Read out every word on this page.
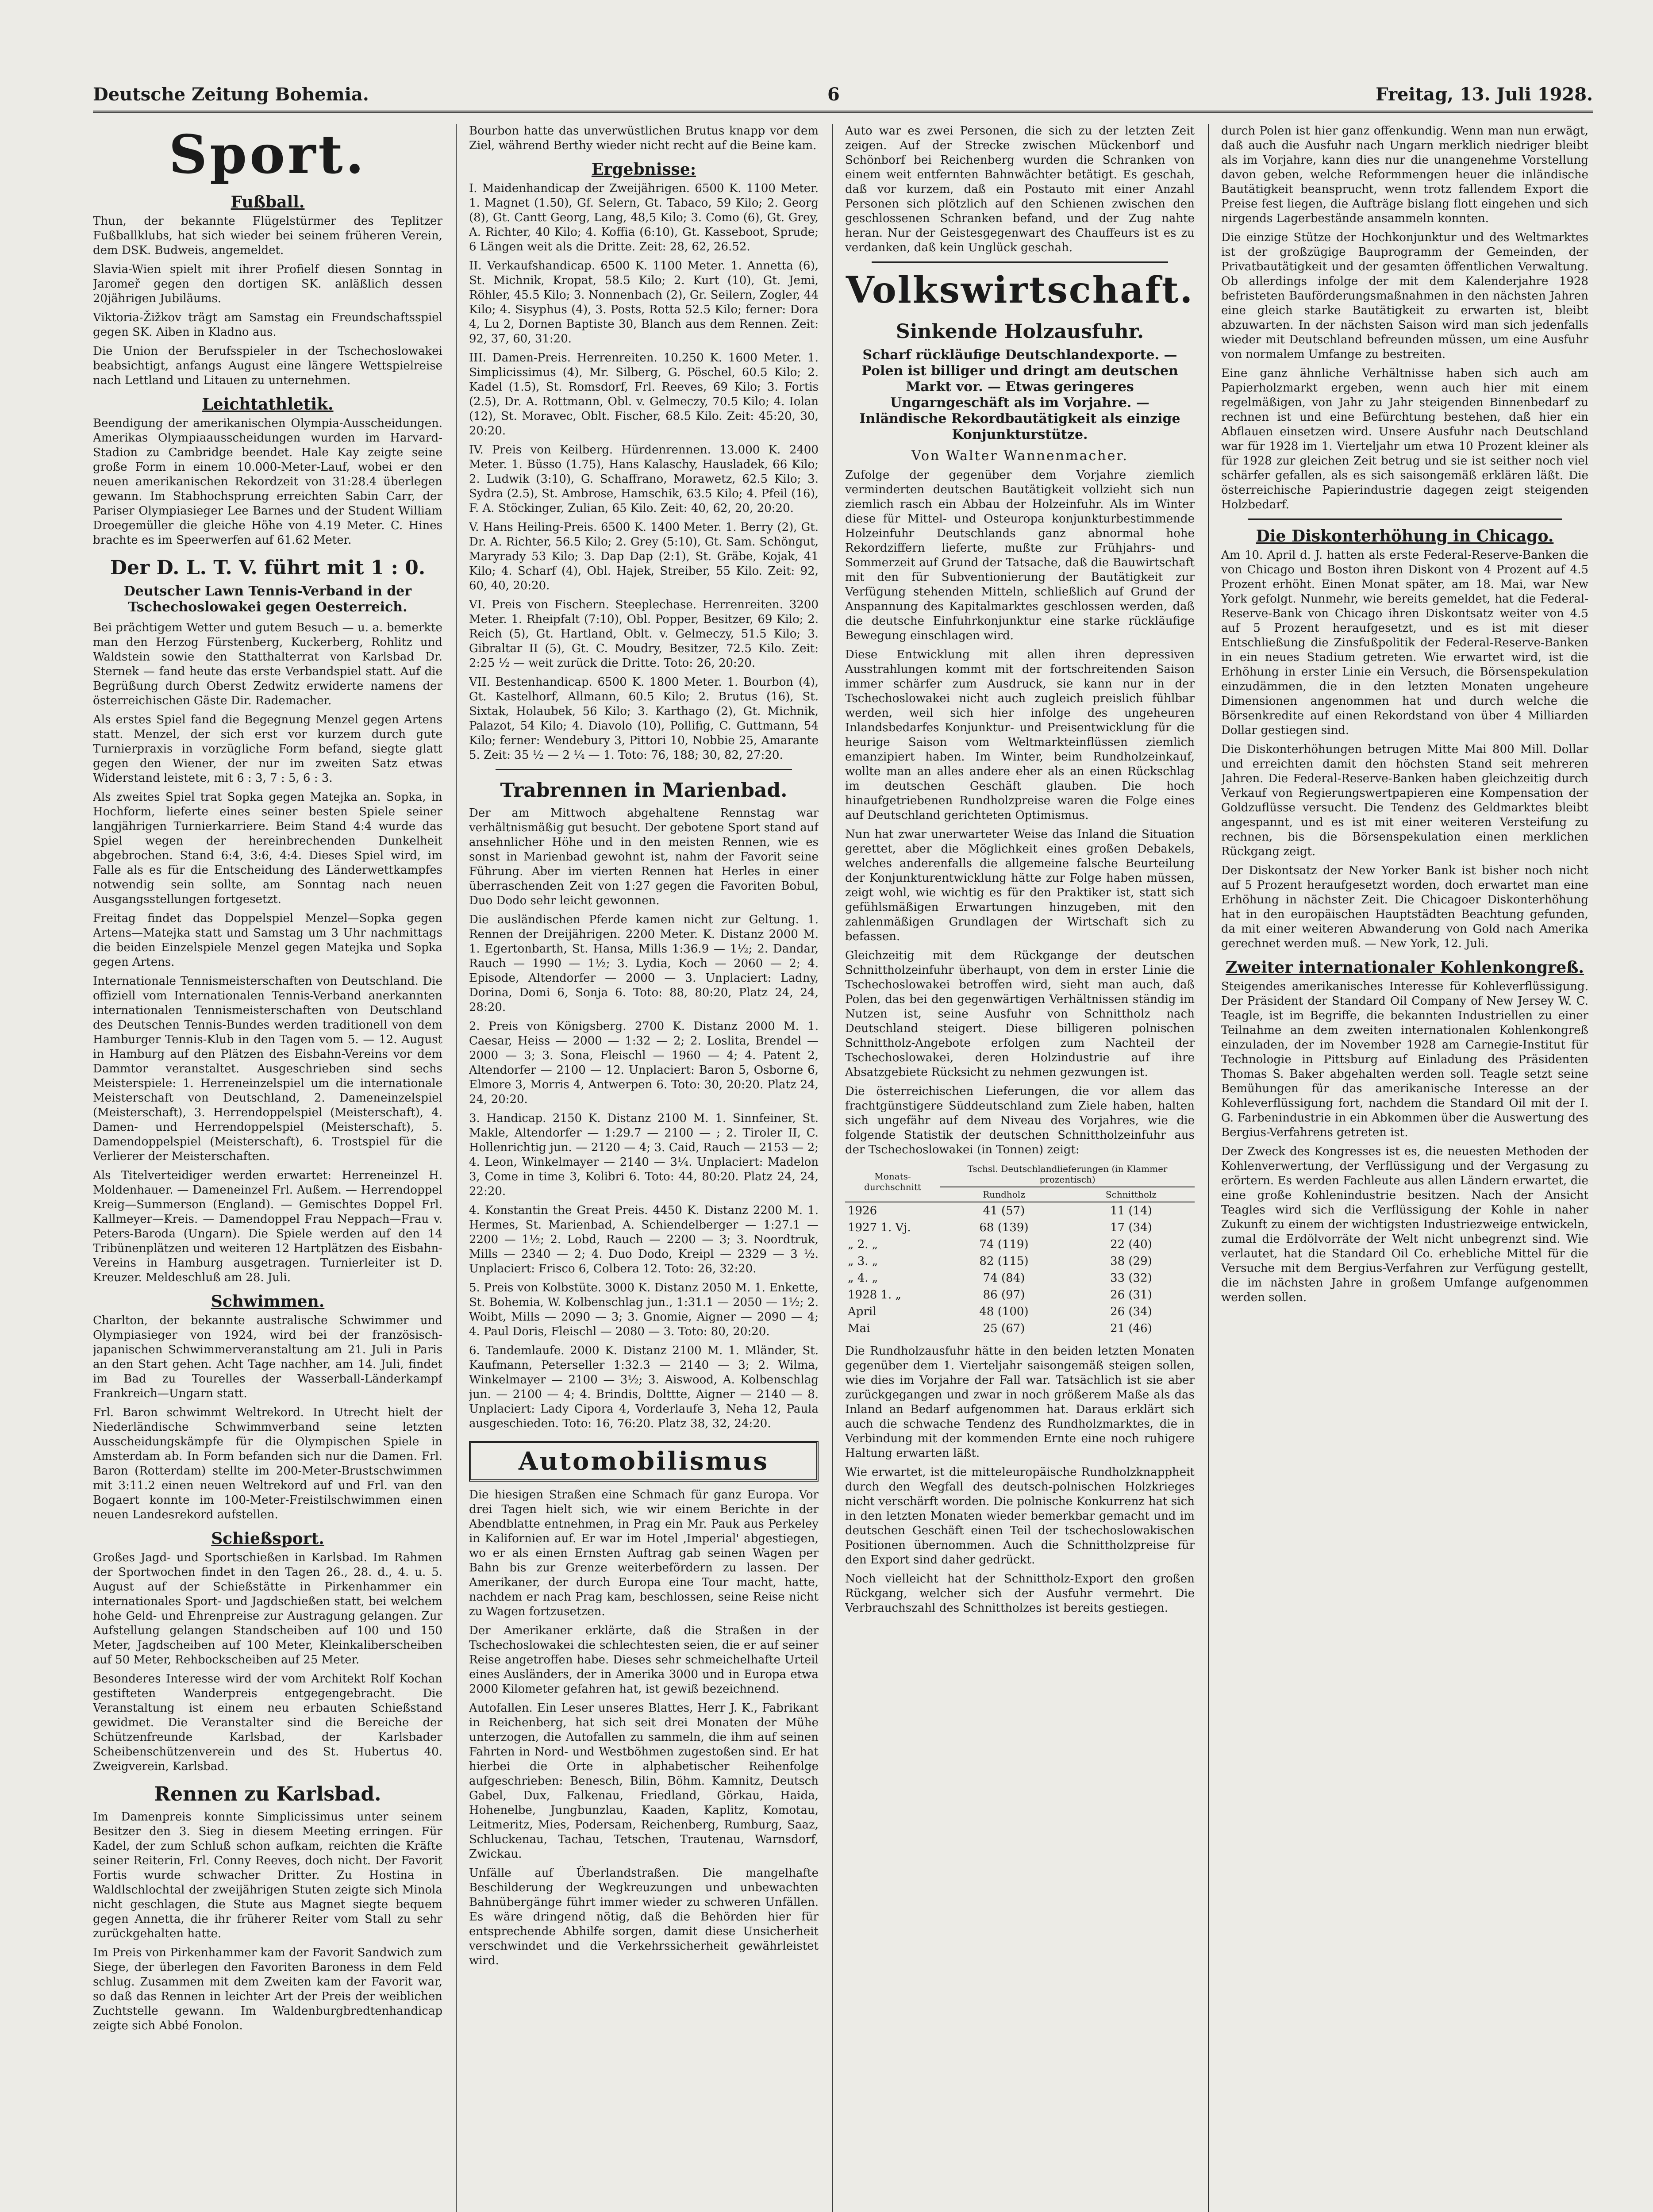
Deutsche Zeitung Bohemia.	6	Freitag, 13. Juli 1928.
Sport.
Fußball.

Thun, der bekannte Flügelstürmer des Teplitzer Fußballklubs, hat sich wieder bei seinem früheren Verein, dem DSK. Budweis, angemeldet.

Slavia-Wien spielt mit ihrer Profielf diesen Sonntag in Jaromeř gegen den dortigen SK. anläßlich dessen 20jährigen Jubiläums.

Viktoria-Žižkov trägt am Samstag ein Freundschaftsspiel gegen SK. Aiben in Kladno aus.

Die Union der Berufsspieler in der Tschechoslowakei beabsichtigt, anfangs August eine längere Wettspielreise nach Lettland und Litauen zu unternehmen.

Leichtathletik.

Beendigung der amerikanischen Olympia-Ausscheidungen. Amerikas Olympiaausscheidungen wurden im Harvard-Stadion zu Cambridge beendet. Hale Kay zeigte seine große Form in einem 10.000-Meter-Lauf, wobei er den neuen amerikanischen Rekordzeit von 31:28.4 überlegen gewann. Im Stabhochsprung erreichten Sabin Carr, der Pariser Olympiasieger Lee Barnes und der Student William Droegemüller die gleiche Höhe von 4.19 Meter. C. Hines brachte es im Speerwerfen auf 61.62 Meter.

Der D. L. T. V. führt mit 1 : 0.
Deutscher Lawn Tennis-Verband in der Tschechoslowakei gegen Oesterreich.

Bei prächtigem Wetter und gutem Besuch — u. a. bemerkte man den Herzog Fürstenberg, Kuckerberg, Rohlitz und Waldstein sowie den Statthalterrat von Karlsbad Dr. Sternek — fand heute das erste Verbandspiel statt. Auf die Begrüßung durch Oberst Zedwitz erwiderte namens der österreichischen Gäste Dir. Rademacher.

Als erstes Spiel fand die Begegnung Menzel gegen Artens statt. Menzel, der sich erst vor kurzem durch gute Turnierpraxis in vorzügliche Form befand, siegte glatt gegen den Wiener, der nur im zweiten Satz etwas Widerstand leistete, mit 6 : 3, 7 : 5, 6 : 3.

Als zweites Spiel trat Sopka gegen Matejka an. Sopka, in Hochform, lieferte eines seiner besten Spiele seiner langjährigen Turnierkarriere. Beim Stand 4:4 wurde das Spiel wegen der hereinbrechenden Dunkelheit abgebrochen. Stand 6:4, 3:6, 4:4. Dieses Spiel wird, im Falle als es für die Entscheidung des Länderwettkampfes notwendig sein sollte, am Sonntag nach neuen Ausgangsstellungen fortgesetzt.

Freitag findet das Doppelspiel Menzel—Sopka gegen Artens—Matejka statt und Samstag um 3 Uhr nachmittags die beiden Einzelspiele Menzel gegen Matejka und Sopka gegen Artens.

Internationale Tennismeisterschaften von Deutschland. Die offiziell vom Internationalen Tennis-Verband anerkannten internationalen Tennismeisterschaften von Deutschland des Deutschen Tennis-Bundes werden traditionell von dem Hamburger Tennis-Klub in den Tagen vom 5. — 12. August in Hamburg auf den Plätzen des Eisbahn-Vereins vor dem Dammtor veranstaltet. Ausgeschrieben sind sechs Meisterspiele: 1. Herreneinzelspiel um die internationale Meisterschaft von Deutschland, 2. Dameneinzelspiel (Meisterschaft), 3. Herrendoppelspiel (Meisterschaft), 4. Damen- und Herrendoppelspiel (Meisterschaft), 5. Damendoppelspiel (Meisterschaft), 6. Trostspiel für die Verlierer der Meisterschaften.

Als Titelverteidiger werden erwartet: Herreneinzel H. Moldenhauer. — Dameneinzel Frl. Außem. — Herrendoppel Kreig—Summerson (England). — Gemischtes Doppel Frl. Kallmeyer—Kreis. — Damendoppel Frau Neppach—Frau v. Peters-Baroda (Ungarn). Die Spiele werden auf den 14 Tribünenplätzen und weiteren 12 Hartplätzen des Eisbahn-Vereins in Hamburg ausgetragen. Turnierleiter ist D. Kreuzer. Meldeschluß am 28. Juli.

Schwimmen.

Charlton, der bekannte australische Schwimmer und Olympiasieger von 1924, wird bei der französisch-japanischen Schwimmerveranstaltung am 21. Juli in Paris an den Start gehen. Acht Tage nachher, am 14. Juli, findet im Bad zu Tourelles der Wasserball-Länderkampf Frankreich—Ungarn statt.

Frl. Baron schwimmt Weltrekord. In Utrecht hielt der Niederländische Schwimmverband seine letzten Ausscheidungskämpfe für die Olympischen Spiele in Amsterdam ab. In Form befanden sich nur die Damen. Frl. Baron (Rotterdam) stellte im 200-Meter-Brustschwimmen mit 3:11.2 einen neuen Weltrekord auf und Frl. van den Bogaert konnte im 100-Meter-Freistilschwimmen einen neuen Landesrekord aufstellen.

Schießsport.

Großes Jagd- und Sportschießen in Karlsbad. Im Rahmen der Sportwochen findet in den Tagen 26., 28. d., 4. u. 5. August auf der Schießstätte in Pirkenhammer ein internationales Sport- und Jagdschießen statt, bei welchem hohe Geld- und Ehrenpreise zur Austragung gelangen. Zur Aufstellung gelangen Standscheiben auf 100 und 150 Meter, Jagdscheiben auf 100 Meter, Kleinkaliberscheiben auf 50 Meter, Rehbockscheiben auf 25 Meter.

Besonderes Interesse wird der vom Architekt Rolf Kochan gestifteten Wanderpreis entgegengebracht. Die Veranstaltung ist einem neu erbauten Schießstand gewidmet. Die Veranstalter sind die Bereiche der Schützenfreunde Karlsbad, der Karlsbader Scheibenschützenverein und des St. Hubertus 40. Zweigverein, Karlsbad.

Rennen zu Karlsbad.

Im Damenpreis konnte Simplicissimus unter seinem Besitzer den 3. Sieg in diesem Meeting erringen. Für Kadel, der zum Schluß schon aufkam, reichten die Kräfte seiner Reiterin, Frl. Conny Reeves, doch nicht. Der Favorit Fortis wurde schwacher Dritter. Zu Hostina in Waldlschlochtal der zweijährigen Stuten zeigte sich Minola nicht geschlagen, die Stute aus Magnet siegte bequem gegen Annetta, die ihr früherer Reiter vom Stall zu sehr zurückgehalten hatte.

Im Preis von Pirkenhammer kam der Favorit Sandwich zum Siege, der überlegen den Favoriten Baroness in dem Feld schlug. Zusammen mit dem Zweiten kam der Favorit war, so daß das Rennen in leichter Art der Preis der weiblichen Zuchtstelle gewann. Im Waldenburgbredtenhandicap zeigte sich Abbé Fonolon.

Bourbon hatte das unverwüstlichen Brutus knapp vor dem Ziel, während Berthy wieder nicht recht auf die Beine kam.

Ergebnisse:

I. Maidenhandicap der Zweijährigen. 6500 K. 1100 Meter. 1. Magnet (1.50), Gf. Selern, Gt. Tabaco, 59 Kilo; 2. Georg (8), Gt. Cantt Georg, Lang, 48,5 Kilo; 3. Como (6), Gt. Grey, A. Richter, 40 Kilo; 4. Koffia (6:10), Gt. Kasseboot, Sprude; 6 Längen weit als die Dritte. Zeit: 28, 62, 26.52.

II. Verkaufshandicap. 6500 K. 1100 Meter. 1. Annetta (6), St. Michnik, Kropat, 58.5 Kilo; 2. Kurt (10), Gt. Jemi, Röhler, 45.5 Kilo; 3. Nonnenbach (2), Gr. Seilern, Zogler, 44 Kilo; 4. Sisyphus (4), 3. Posts, Rotta 52.5 Kilo; ferner: Dora 4, Lu 2, Dornen Baptiste 30, Blanch aus dem Rennen. Zeit: 92, 37, 60, 31:20.

III. Damen-Preis. Herrenreiten. 10.250 K. 1600 Meter. 1. Simplicissimus (4), Mr. Silberg, G. Pöschel, 60.5 Kilo; 2. Kadel (1.5), St. Romsdorf, Frl. Reeves, 69 Kilo; 3. Fortis (2.5), Dr. A. Rottmann, Obl. v. Gelmeczy, 70.5 Kilo; 4. Iolan (12), St. Moravec, Oblt. Fischer, 68.5 Kilo. Zeit: 45:20, 30, 20:20.

IV. Preis von Keilberg. Hürdenrennen. 13.000 K. 2400 Meter. 1. Büsso (1.75), Hans Kalaschy, Hausladek, 66 Kilo; 2. Ludwik (3:10), G. Schaffrano, Morawetz, 62.5 Kilo; 3. Sydra (2.5), St. Ambrose, Hamschik, 63.5 Kilo; 4. Pfeil (16), F. A. Stöckinger, Zulian, 65 Kilo. Zeit: 40, 62, 20, 20:20.

V. Hans Heiling-Preis. 6500 K. 1400 Meter. 1. Berry (2), Gt. Dr. A. Richter, 56.5 Kilo; 2. Grey (5:10), Gt. Sam. Schöngut, Maryrady 53 Kilo; 3. Dap Dap (2:1), St. Gräbe, Kojak, 41 Kilo; 4. Scharf (4), Obl. Hajek, Streiber, 55 Kilo. Zeit: 92, 60, 40, 20:20.

VI. Preis von Fischern. Steeplechase. Herrenreiten. 3200 Meter. 1. Rheipfalt (7:10), Obl. Popper, Besitzer, 69 Kilo; 2. Reich (5), Gt. Hartland, Oblt. v. Gelmeczy, 51.5 Kilo; 3. Gibraltar II (5), Gt. C. Moudry, Besitzer, 72.5 Kilo. Zeit: 2:25 ½ — weit zurück die Dritte. Toto: 26, 20:20.

VII. Bestenhandicap. 6500 K. 1800 Meter. 1. Bourbon (4), Gt. Kastelhorf, Allmann, 60.5 Kilo; 2. Brutus (16), St. Sixtak, Holaubek, 56 Kilo; 3. Karthago (2), Gt. Michnik, Palazot, 54 Kilo; 4. Diavolo (10), Pollifig, C. Guttmann, 54 Kilo; ferner: Wendebury 3, Pittori 10, Nobbie 25, Amarante 5. Zeit: 35 ½ — 2 ¼ — 1. Toto: 76, 188; 30, 82, 27:20.

Trabrennen in Marienbad.

Der am Mittwoch abgehaltene Rennstag war verhältnismäßig gut besucht. Der gebotene Sport stand auf ansehnlicher Höhe und in den meisten Rennen, wie es sonst in Marienbad gewohnt ist, nahm der Favorit seine Führung. Aber im vierten Rennen hat Herles in einer überraschenden Zeit von 1:27 gegen die Favoriten Bobul, Duo Dodo sehr leicht gewonnen.

Die ausländischen Pferde kamen nicht zur Geltung. 1. Rennen der Dreijährigen. 2200 Meter. K. Distanz 2000 M. 1. Egertonbarth, St. Hansa, Mills 1:36.9 — 1½; 2. Dandar, Rauch — 1990 — 1½; 3. Lydia, Koch — 2060 — 2; 4. Episode, Altendorfer — 2000 — 3. Unplaciert: Ladny, Dorina, Domi 6, Sonja 6. Toto: 88, 80:20, Platz 24, 24, 28:20.

2. Preis von Königsberg. 2700 K. Distanz 2000 M. 1. Caesar, Heiss — 2000 — 1:32 — 2; 2. Loslita, Brendel — 2000 — 3; 3. Sona, Fleischl — 1960 — 4; 4. Patent 2, Altendorfer — 2100 — 12. Unplaciert: Baron 5, Osborne 6, Elmore 3, Morris 4, Antwerpen 6. Toto: 30, 20:20. Platz 24, 24, 20:20.

3. Handicap. 2150 K. Distanz 2100 M. 1. Sinnfeiner, St. Makle, Altendorfer — 1:29.7 — 2100 — ; 2. Tiroler II, C. Hollenrichtig jun. — 2120 — 4; 3. Caid, Rauch — 2153 — 2; 4. Leon, Winkelmayer — 2140 — 3¼. Unplaciert: Madelon 3, Come in time 3, Kolibri 6. Toto: 44, 80:20. Platz 24, 24, 22:20.

4. Konstantin the Great Preis. 4450 K. Distanz 2200 M. 1. Hermes, St. Marienbad, A. Schiendelberger — 1:27.1 — 2200 — 1½; 2. Lobd, Rauch — 2200 — 3; 3. Noordtruk, Mills — 2340 — 2; 4. Duo Dodo, Kreipl — 2329 — 3 ½. Unplaciert: Frisco 6, Colbera 12. Toto: 26, 32:20.

5. Preis von Kolbstüte. 3000 K. Distanz 2050 M. 1. Enkette, St. Bohemia, W. Kolbenschlag jun., 1:31.1 — 2050 — 1½; 2. Woibt, Mills — 2090 — 3; 3. Gnomie, Aigner — 2090 — 4; 4. Paul Doris, Fleischl — 2080 — 3. Toto: 80, 20:20.

6. Tandemlaufe. 2000 K. Distanz 2100 M. 1. Mländer, St. Kaufmann, Peterseller 1:32.3 — 2140 — 3; 2. Wilma, Winkelmayer — 2100 — 3½; 3. Aiswood, A. Kolbenschlag jun. — 2100 — 4; 4. Brindis, Dolttte, Aigner — 2140 — 8. Unplaciert: Lady Cipora 4, Vorderlaufe 3, Neha 12, Paula ausgeschieden. Toto: 16, 76:20. Platz 38, 32, 24:20.

Automobilismus

Die hiesigen Straßen eine Schmach für ganz Europa. Vor drei Tagen hielt sich, wie wir einem Berichte in der Abendblatte entnehmen, in Prag ein Mr. Pauk aus Perkeley in Kalifornien auf. Er war im Hotel ‚Imperial' abgestiegen, wo er als einen Ernsten Auftrag gab seinen Wagen per Bahn bis zur Grenze weiterbefördern zu lassen. Der Amerikaner, der durch Europa eine Tour macht, hatte, nachdem er nach Prag kam, beschlossen, seine Reise nicht zu Wagen fortzusetzen.

Der Amerikaner erklärte, daß die Straßen in der Tschechoslowakei die schlechtesten seien, die er auf seiner Reise angetroffen habe. Dieses sehr schmeichelhafte Urteil eines Ausländers, der in Amerika 3000 und in Europa etwa 2000 Kilometer gefahren hat, ist gewiß bezeichnend.

Autofallen. Ein Leser unseres Blattes, Herr J. K., Fabrikant in Reichenberg, hat sich seit drei Monaten der Mühe unterzogen, die Autofallen zu sammeln, die ihm auf seinen Fahrten in Nord- und Westböhmen zugestoßen sind. Er hat hierbei die Orte in alphabetischer Reihenfolge aufgeschrieben: Benesch, Bilin, Böhm. Kamnitz, Deutsch Gabel, Dux, Falkenau, Friedland, Görkau, Haida, Hohenelbe, Jungbunzlau, Kaaden, Kaplitz, Komotau, Leitmeritz, Mies, Podersam, Reichenberg, Rumburg, Saaz, Schluckenau, Tachau, Tetschen, Trautenau, Warnsdorf, Zwickau.

Unfälle auf Überlandstraßen. Die mangelhafte Beschilderung der Wegkreuzungen und unbewachten Bahnübergänge führt immer wieder zu schweren Unfällen. Es wäre dringend nötig, daß die Behörden hier für entsprechende Abhilfe sorgen, damit diese Unsicherheit verschwindet und die Verkehrssicherheit gewährleistet wird.

Auto war es zwei Personen, die sich zu der letzten Zeit zeigen. Auf der Strecke zwischen Mückenborf und Schönborf bei Reichenberg wurden die Schranken von einem weit entfernten Bahnwächter betätigt. Es geschah, daß vor kurzem, daß ein Postauto mit einer Anzahl Personen sich plötzlich auf den Schienen zwischen den geschlossenen Schranken befand, und der Zug nahte heran. Nur der Geistesgegenwart des Chauffeurs ist es zu verdanken, daß kein Unglück geschah.

Volkswirtschaft.
Sinkende Holzausfuhr.
Scharf rückläufige Deutschlandexporte. — Polen ist billiger und dringt am deutschen Markt vor. — Etwas geringeres Ungarngeschäft als im Vorjahre. — Inländische Rekordbautätigkeit als einzige Konjunkturstütze.
Von Walter Wannenmacher.

Zufolge der gegenüber dem Vorjahre ziemlich verminderten deutschen Bautätigkeit vollzieht sich nun ziemlich rasch ein Abbau der Holzeinfuhr. Als im Winter diese für Mittel- und Osteuropa konjunkturbestimmende Holzeinfuhr Deutschlands ganz abnormal hohe Rekordziffern lieferte, mußte zur Frühjahrs- und Sommerzeit auf Grund der Tatsache, daß die Bauwirtschaft mit den für Subventionierung der Bautätigkeit zur Verfügung stehenden Mitteln, schließlich auf Grund der Anspannung des Kapitalmarktes geschlossen werden, daß die deutsche Einfuhrkonjunktur eine starke rückläufige Bewegung einschlagen wird.

Diese Entwicklung mit allen ihren depressiven Ausstrahlungen kommt mit der fortschreitenden Saison immer schärfer zum Ausdruck, sie kann nur in der Tschechoslowakei nicht auch zugleich preislich fühlbar werden, weil sich hier infolge des ungeheuren Inlandsbedarfes Konjunktur- und Preisentwicklung für die heurige Saison vom Weltmarkteinflüssen ziemlich emanzipiert haben. Im Winter, beim Rundholzeinkauf, wollte man an alles andere eher als an einen Rückschlag im deutschen Geschäft glauben. Die hoch hinaufgetriebenen Rundholzpreise waren die Folge eines auf Deutschland gerichteten Optimismus.

Nun hat zwar unerwarteter Weise das Inland die Situation gerettet, aber die Möglichkeit eines großen Debakels, welches anderenfalls die allgemeine falsche Beurteilung der Konjunkturentwicklung hätte zur Folge haben müssen, zeigt wohl, wie wichtig es für den Praktiker ist, statt sich gefühlsmäßigen Erwartungen hinzugeben, mit den zahlenmäßigen Grundlagen der Wirtschaft sich zu befassen.

Gleichzeitig mit dem Rückgange der deutschen Schnittholzeinfuhr überhaupt, von dem in erster Linie die Tschechoslowakei betroffen wird, sieht man auch, daß Polen, das bei den gegenwärtigen Verhältnissen ständig im Nutzen ist, seine Ausfuhr von Schnittholz nach Deutschland steigert. Diese billigeren polnischen Schnittholz-Angebote erfolgen zum Nachteil der Tschechoslowakei, deren Holzindustrie auf ihre Absatzgebiete Rücksicht zu nehmen gezwungen ist.

Die österreichischen Lieferungen, die vor allem das frachtgünstigere Süddeutschland zum Ziele haben, halten sich ungefähr auf dem Niveau des Vorjahres, wie die folgende Statistik der deutschen Schnittholzeinfuhr aus der Tschechoslowakei (in Tonnen) zeigt:

Monats-durchschnitt	Tschsl. Deutschlandlieferungen (in Klammer prozentisch)	
	Rundholz	Schnittholz
1926	41 (57)	11 (14)
1927 1. Vj.	68 (139)	17 (34)
„ 2. „	74 (119)	22 (40)
„ 3. „	82 (115)	38 (29)
„ 4. „	74 (84)	33 (32)
1928 1. „	86 (97)	26 (31)
April	48 (100)	26 (34)
Mai	25 (67)	21 (46)

Die Rundholzausfuhr hätte in den beiden letzten Monaten gegenüber dem 1. Vierteljahr saisongemäß steigen sollen, wie dies im Vorjahre der Fall war. Tatsächlich ist sie aber zurückgegangen und zwar in noch größerem Maße als das Inland an Bedarf aufgenommen hat. Daraus erklärt sich auch die schwache Tendenz des Rundholzmarktes, die in Verbindung mit der kommenden Ernte eine noch ruhigere Haltung erwarten läßt.

Wie erwartet, ist die mitteleuropäische Rundholzknappheit durch den Wegfall des deutsch-polnischen Holzkrieges nicht verschärft worden. Die polnische Konkurrenz hat sich in den letzten Monaten wieder bemerkbar gemacht und im deutschen Geschäft einen Teil der tschechoslowakischen Positionen übernommen. Auch die Schnittholzpreise für den Export sind daher gedrückt.

Noch vielleicht hat der Schnittholz-Export den großen Rückgang, welcher sich der Ausfuhr vermehrt. Die Verbrauchszahl des Schnittholzes ist bereits gestiegen.

durch Polen ist hier ganz offenkundig. Wenn man nun erwägt, daß auch die Ausfuhr nach Ungarn merklich niedriger bleibt als im Vorjahre, kann dies nur die unangenehme Vorstellung davon geben, welche Reformmengen heuer die inländische Bautätigkeit beansprucht, wenn trotz fallendem Export die Preise fest liegen, die Aufträge bislang flott eingehen und sich nirgends Lagerbestände ansammeln konnten.

Die einzige Stütze der Hochkonjunktur und des Weltmarktes ist der großzügige Bauprogramm der Gemeinden, der Privatbautätigkeit und der gesamten öffentlichen Verwaltung. Ob allerdings infolge der mit dem Kalenderjahre 1928 befristeten Bauförderungsmaßnahmen in den nächsten Jahren eine gleich starke Bautätigkeit zu erwarten ist, bleibt abzuwarten. In der nächsten Saison wird man sich jedenfalls wieder mit Deutschland befreunden müssen, um eine Ausfuhr von normalem Umfange zu bestreiten.

Eine ganz ähnliche Verhältnisse haben sich auch am Papierholzmarkt ergeben, wenn auch hier mit einem regelmäßigen, von Jahr zu Jahr steigenden Binnenbedarf zu rechnen ist und eine Befürchtung bestehen, daß hier ein Abflauen einsetzen wird. Unsere Ausfuhr nach Deutschland war für 1928 im 1. Vierteljahr um etwa 10 Prozent kleiner als für 1928 zur gleichen Zeit betrug und sie ist seither noch viel schärfer gefallen, als es sich saisongemäß erklären läßt. Die österreichische Papierindustrie dagegen zeigt steigenden Holzbedarf.

Die Diskonterhöhung in Chicago.

Am 10. April d. J. hatten als erste Federal-Reserve-Banken die von Chicago und Boston ihren Diskont von 4 Prozent auf 4.5 Prozent erhöht. Einen Monat später, am 18. Mai, war New York gefolgt. Nunmehr, wie bereits gemeldet, hat die Federal-Reserve-Bank von Chicago ihren Diskontsatz weiter von 4.5 auf 5 Prozent heraufgesetzt, und es ist mit dieser Entschließung die Zinsfußpolitik der Federal-Reserve-Banken in ein neues Stadium getreten. Wie erwartet wird, ist die Erhöhung in erster Linie ein Versuch, die Börsenspekulation einzudämmen, die in den letzten Monaten ungeheure Dimensionen angenommen hat und durch welche die Börsenkredite auf einen Rekordstand von über 4 Milliarden Dollar gestiegen sind.

Die Diskonterhöhungen betrugen Mitte Mai 800 Mill. Dollar und erreichten damit den höchsten Stand seit mehreren Jahren. Die Federal-Reserve-Banken haben gleichzeitig durch Verkauf von Regierungswertpapieren eine Kompensation der Goldzuflüsse versucht. Die Tendenz des Geldmarktes bleibt angespannt, und es ist mit einer weiteren Versteifung zu rechnen, bis die Börsenspekulation einen merklichen Rückgang zeigt.

Der Diskontsatz der New Yorker Bank ist bisher noch nicht auf 5 Prozent heraufgesetzt worden, doch erwartet man eine Erhöhung in nächster Zeit. Die Chicagoer Diskonterhöhung hat in den europäischen Hauptstädten Beachtung gefunden, da mit einer weiteren Abwanderung von Gold nach Amerika gerechnet werden muß. — New York, 12. Juli.

Zweiter internationaler Kohlenkongreß.

Steigendes amerikanisches Interesse für Kohleverflüssigung. Der Präsident der Standard Oil Company of New Jersey W. C. Teagle, ist im Begriffe, die bekannten Industriellen zu einer Teilnahme an dem zweiten internationalen Kohlenkongreß einzuladen, der im November 1928 am Carnegie-Institut für Technologie in Pittsburg auf Einladung des Präsidenten Thomas S. Baker abgehalten werden soll. Teagle setzt seine Bemühungen für das amerikanische Interesse an der Kohleverflüssigung fort, nachdem die Standard Oil mit der I. G. Farbenindustrie in ein Abkommen über die Auswertung des Bergius-Verfahrens getreten ist.

Der Zweck des Kongresses ist es, die neuesten Methoden der Kohlenverwertung, der Verflüssigung und der Vergasung zu erörtern. Es werden Fachleute aus allen Ländern erwartet, die eine große Kohlenindustrie besitzen. Nach der Ansicht Teagles wird sich die Verflüssigung der Kohle in naher Zukunft zu einem der wichtigsten Industriezweige entwickeln, zumal die Erdölvorräte der Welt nicht unbegrenzt sind. Wie verlautet, hat die Standard Oil Co. erhebliche Mittel für die Versuche mit dem Bergius-Verfahren zur Verfügung gestellt, die im nächsten Jahre in großem Umfange aufgenommen werden sollen.
